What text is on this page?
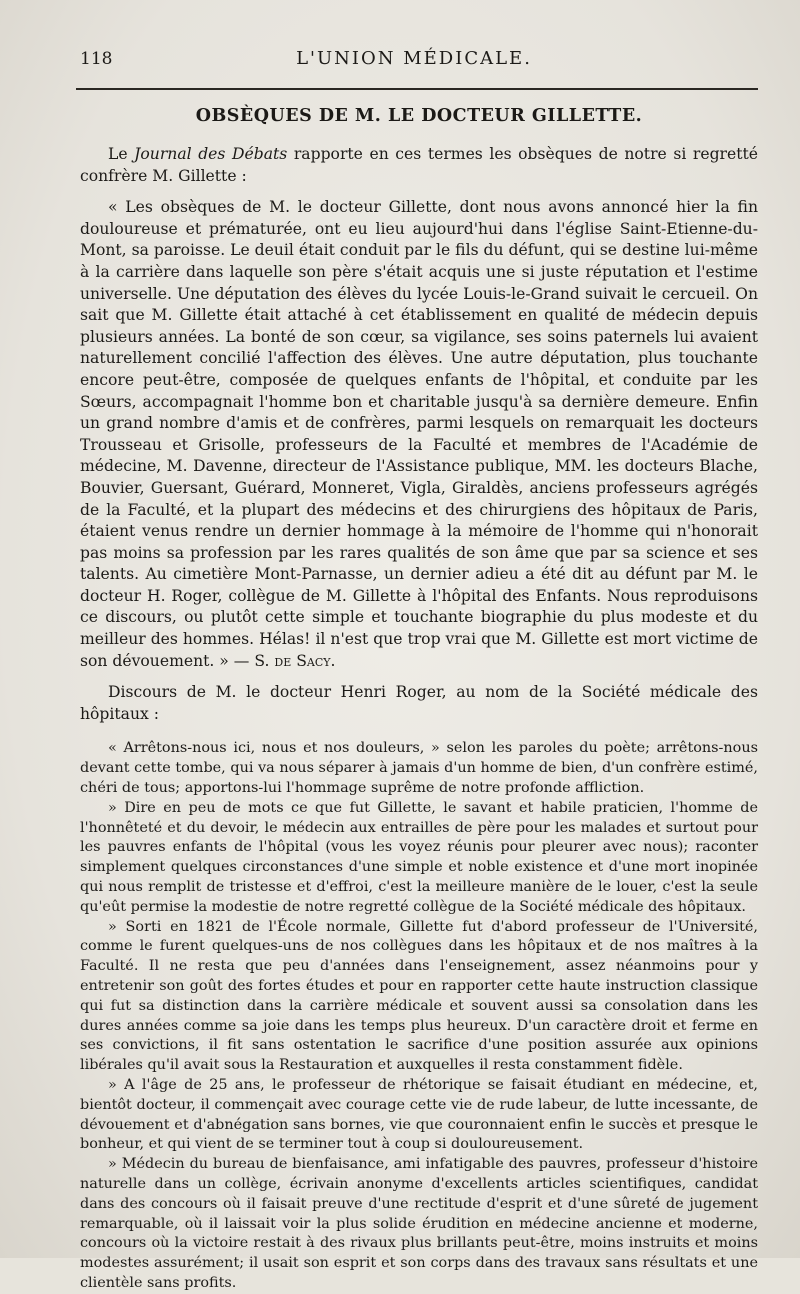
118	L'UNION MÉDICALE.
OBSÈQUES DE M. LE DOCTEUR GILLETTE.

Le Journal des Débats rapporte en ces termes les obsèques de notre si regretté confrère M. Gillette :

« Les obsèques de M. le docteur Gillette, dont nous avons annoncé hier la fin douloureuse et prématurée, ont eu lieu aujourd'hui dans l'église Saint-Etienne-du-Mont, sa paroisse. Le deuil était conduit par le fils du défunt, qui se destine lui-même à la carrière dans laquelle son père s'était acquis une si juste réputation et l'estime universelle. Une députation des élèves du lycée Louis-le-Grand suivait le cercueil. On sait que M. Gillette était attaché à cet établissement en qualité de médecin depuis plusieurs années. La bonté de son cœur, sa vigilance, ses soins paternels lui avaient naturellement concilié l'affection des élèves. Une autre députation, plus touchante encore peut-être, composée de quelques enfants de l'hôpital, et conduite par les Sœurs, accompagnait l'homme bon et charitable jusqu'à sa dernière demeure. Enfin un grand nombre d'amis et de confrères, parmi lesquels on remarquait les docteurs Trousseau et Grisolle, professeurs de la Faculté et membres de l'Académie de médecine, M. Davenne, directeur de l'Assistance publique, MM. les docteurs Blache, Bouvier, Guersant, Guérard, Monneret, Vigla, Giraldès, anciens professeurs agrégés de la Faculté, et la plupart des médecins et des chirurgiens des hôpitaux de Paris, étaient venus rendre un dernier hommage à la mémoire de l'homme qui n'honorait pas moins sa profession par les rares qualités de son âme que par sa science et ses talents. Au cimetière Mont-Parnasse, un dernier adieu a été dit au défunt par M. le docteur H. Roger, collègue de M. Gillette à l'hôpital des Enfants. Nous reproduisons ce discours, ou plutôt cette simple et touchante biographie du plus modeste et du meilleur des hommes. Hélas! il n'est que trop vrai que M. Gillette est mort victime de son dévouement. » — S. de Sacy.

Discours de M. le docteur Henri Roger, au nom de la Société médicale des hôpitaux :

« Arrêtons-nous ici, nous et nos douleurs, » selon les paroles du poète; arrêtons-nous devant cette tombe, qui va nous séparer à jamais d'un homme de bien, d'un confrère estimé, chéri de tous; apportons-lui l'hommage suprême de notre profonde affliction.

» Dire en peu de mots ce que fut Gillette, le savant et habile praticien, l'homme de l'honnêteté et du devoir, le médecin aux entrailles de père pour les malades et surtout pour les pauvres enfants de l'hôpital (vous les voyez réunis pour pleurer avec nous); raconter simplement quelques circonstances d'une simple et noble existence et d'une mort inopinée qui nous remplit de tristesse et d'effroi, c'est la meilleure manière de le louer, c'est la seule qu'eût permise la modestie de notre regretté collègue de la Société médicale des hôpitaux.

» Sorti en 1821 de l'École normale, Gillette fut d'abord professeur de l'Université, comme le furent quelques-uns de nos collègues dans les hôpitaux et de nos maîtres à la Faculté. Il ne resta que peu d'années dans l'enseignement, assez néanmoins pour y entretenir son goût des fortes études et pour en rapporter cette haute instruction classique qui fut sa distinction dans la carrière médicale et souvent aussi sa consolation dans les dures années comme sa joie dans les temps plus heureux. D'un caractère droit et ferme en ses convictions, il fit sans ostentation le sacrifice d'une position assurée aux opinions libérales qu'il avait sous la Restauration et auxquelles il resta constamment fidèle.

» A l'âge de 25 ans, le professeur de rhétorique se faisait étudiant en médecine, et, bientôt docteur, il commençait avec courage cette vie de rude labeur, de lutte incessante, de dévouement et d'abnégation sans bornes, vie que couronnaient enfin le succès et presque le bonheur, et qui vient de se terminer tout à coup si douloureusement.

» Médecin du bureau de bienfaisance, ami infatigable des pauvres, professeur d'histoire naturelle dans un collège, écrivain anonyme d'excellents articles scientifiques, candidat dans des concours où il faisait preuve d'une rectitude d'esprit et d'une sûreté de jugement remarquable, où il laissait voir la plus solide érudition en médecine ancienne et moderne, concours où la victoire restait à des rivaux plus brillants peut-être, moins instruits et moins modestes assurément; il usait son esprit et son corps dans des travaux sans résultats et une clientèle sans profits.
